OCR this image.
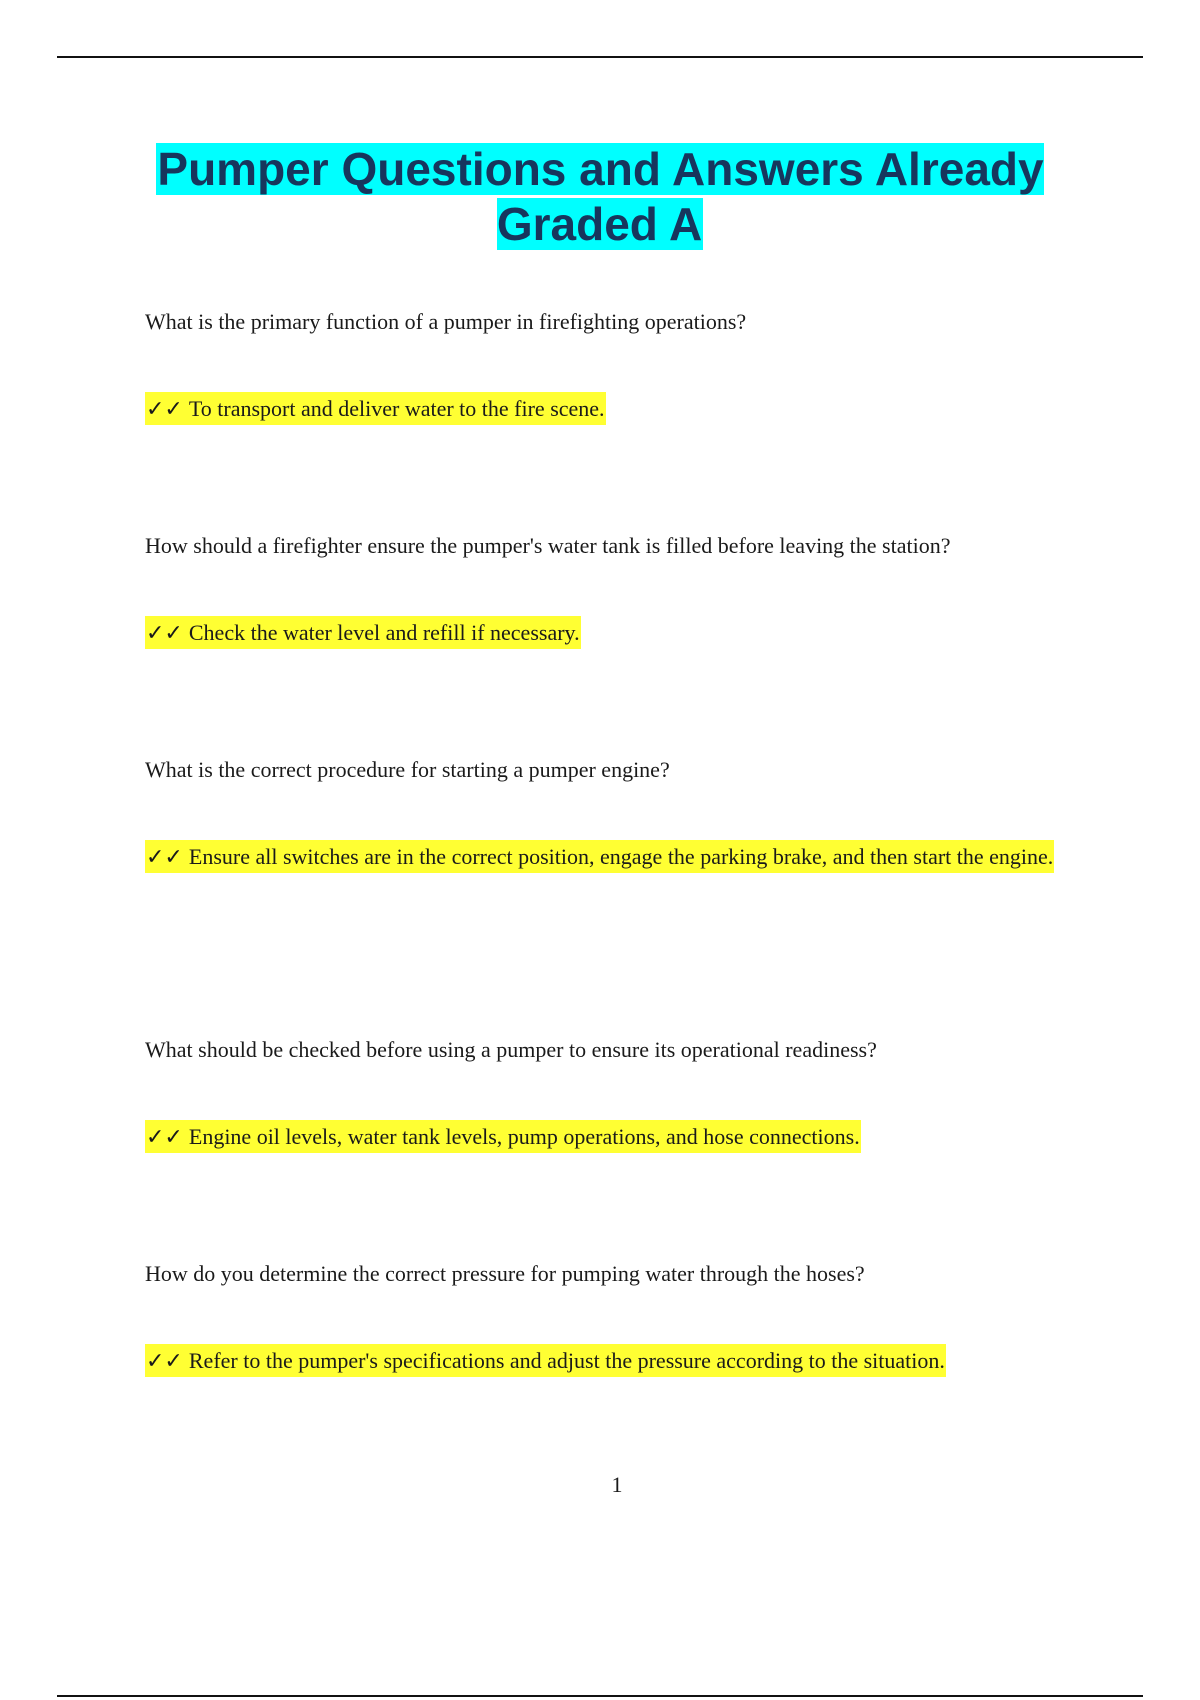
Pumper Questions and Answers Already Graded A

What is the primary function of a pumper in firefighting operations?

✓✓ To transport and deliver water to the fire scene.

How should a firefighter ensure the pumper's water tank is filled before leaving the station?

✓✓ Check the water level and refill if necessary.

What is the correct procedure for starting a pumper engine?

✓✓ Ensure all switches are in the correct position, engage the parking brake, and then start the engine.

What should be checked before using a pumper to ensure its operational readiness?

✓✓ Engine oil levels, water tank levels, pump operations, and hose connections.

How do you determine the correct pressure for pumping water through the hoses?

✓✓ Refer to the pumper's specifications and adjust the pressure according to the situation.

1
